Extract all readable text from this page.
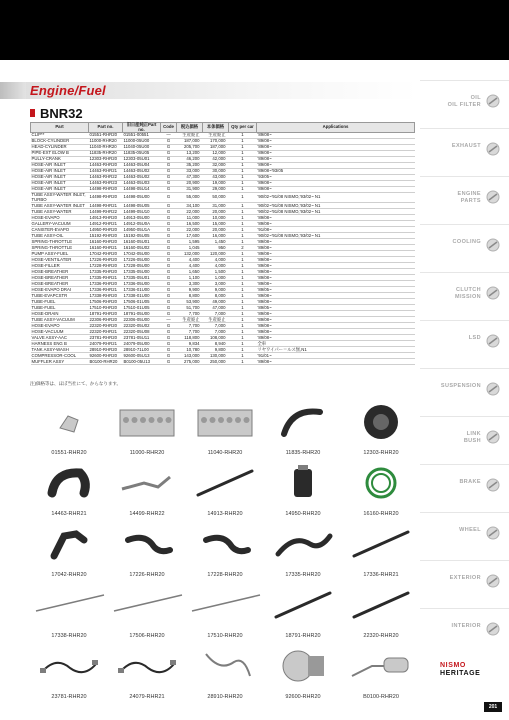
Engine/Fuel
BNR32
Part	Part no.	旧日産純正Part no.	Code	税込価格	本体価格	Qty per car	Applications
CLIP**	01551-RHR20	01551-00551	—	生産廃止	生産廃止	1	'89/08~
BLOCK-CYLINDER	11000-RHR20	11000-05U00	G	187,000	170,000	1	'89/08~
HEAD-CYLINDER	11040-RHR20	11040-05U00	G	205,700	187,000	1	'89/08~
PIPE-EXT ELOW B	11835-RHR20	11835-05U05	G	13,200	12,000	1	'89/08~
PULLY-CRANK	12303-RHR20	12303-05U01	G	46,200	42,000	1	'89/08~
HOSE-AIR INLET	14463-RHR20	14463-05U04	G	35,200	32,000	1	'89/08~
HOSE-AIR INLET	14463-RHR21	14463-05U02	G	33,000	30,000	1	'89/08~'93/05
HOSE-AIR INLET	14463-RHR22	14463-05U02	G	47,300	43,000	1	'93/05~
HOSE-AIR INLET	14463-RHR23	14463-05U03	G	20,900	19,000	1	'89/08~
HOSE-AIR INLET	14498-RHR20	14498-05U14	G	31,900	29,000	1	'89/08~
TUBE ASSY-WATER INLET, TURBO	14498-RHR20	14498-05U00	G	55,000	50,000	1	'90/02~'91/08 NISMO,'93/02~ N1
TUBE ASSY-WATER INLET	14498-RHR21	14498-05U05	G	34,100	31,000	1	'90/02~'91/08 NISMO,'93/02~ N1
TUBE ASSY-WATER	14499-RHR22	14499-05U10	G	22,000	20,000	1	'90/02~'91/08 NISMO,'93/02~ N1
HOSE-EVAPO	14913-RHR20	14913-05U00	G	11,000	10,000	1	'89/08~
GALLERY-VACUUM	14912-RHR21	14912-05U0A	G	16,500	15,000	1	'89/08~
CANISTER-EVAPO	14950-RHR20	14950-05U1A	G	22,000	20,000	1	'91/08~
TUBE ASSY-OIL	15192-RHR20	15192-05U05	G	17,600	16,000	1	'90/02~'91/08 NISMO,'93/02~ N1
SPRING-THROTTLE	16160-RHR20	16160-05U01	G	1,595	1,450	1	'89/08~
SPRING-THROTTLE	16160-RHR21	16160-05U02	G	1,045	950	2	'89/08~
PUMP ASSY-FUEL	17042-RHR20	17042-05U00	G	132,000	120,000	1	'89/08~
HOSE-VENTILATER	17226-RHR20	17226-05U00	G	4,400	4,000	1	'89/08~
HOSE-FILLER	17228-RHR20	17228-05U00	G	4,400	4,000	1	'89/08~
HOSE-BREATHER	17335-RHR20	17335-05U00	G	1,650	1,500	1	'89/08~
HOSE-BREATHER	17335-RHR21	17335-05U01	G	1,100	1,000	1	'89/08~
HOSE-BREATHER	17336-RHR20	17336-05U00	G	3,300	3,000	1	'89/08~
HOSE-EVAPO DRAI	17336-RHR21	17336-01U00	G	9,900	9,000	1	'89/05~
TUBE-EVAPCSTR	17338-RHR20	17338-01U00	G	8,800	8,000	1	'89/08~
TUBE-FUEL	17506-RHR20	17506-01U05	G	53,900	49,000	1	'89/08~
TUBE-FUEL	17510-RHR20	17510-01U05	G	51,700	47,000	1	'89/05~
HOSE-DRAIN	18791-RHR20	18791-05U00	G	7,700	7,000	1	'89/08~
TUBE ASSY-VACUUM	22306-RHR20	22306-05U00	—	生産廃止	生産廃止	1	'89/08~
HOSE-EVAPO	22320-RHR20	22320-05U02	G	7,700	7,000	1	'89/08~
HOSE-VACUUM	22320-RHR21	22320-05U08	G	7,700	7,000	1	'89/08~
VALVE ASSY-AAC	23781-RHR20	23781-05U11	G	118,800	108,000	1	'89/08~
HARNESS ENG B	24079-RHR21	24079-05U00	G	9,834	8,940	1	全車
TANK ASSY-WASH	28910-RHR20	28910-71L00	G	10,780	9,800	1	リヤワイパー＝ルス無,N1
COMPRESSOR-COOL	92600-RHR20	92600-05U13	G	143,000	130,000	1	'91/01~
MUFFLER ASSY	B0100-RHR20	B0100-05U13	G	275,000	250,000	1	'89/08~
注)価格等は、ほぼ当社にて、からなります。
01551-RHR20	11000-RHR20	11040-RHR20	11835-RHR20	12303-RHR20
14463-RHR21	14499-RHR22	14913-RHR20	14950-RHR20	16160-RHR20
17042-RHR20	17226-RHR20	17228-RHR20	17335-RHR20	17336-RHR21
17338-RHR20	17506-RHR20	17510-RHR20	18791-RHR20	22320-RHR20
23781-RHR20	24079-RHR21	28910-RHR20	92600-RHR20	B0100-RHR20
OIL
OIL FILTER
EXHAUST
ENGINE
PARTS
COOLING
CLUTCH
MISSION
LSD
SUSPENSION
LINK
BUSH
BRAKE
WHEEL
EXTERIOR
INTERIOR
NISMO
HERITAGE
201
